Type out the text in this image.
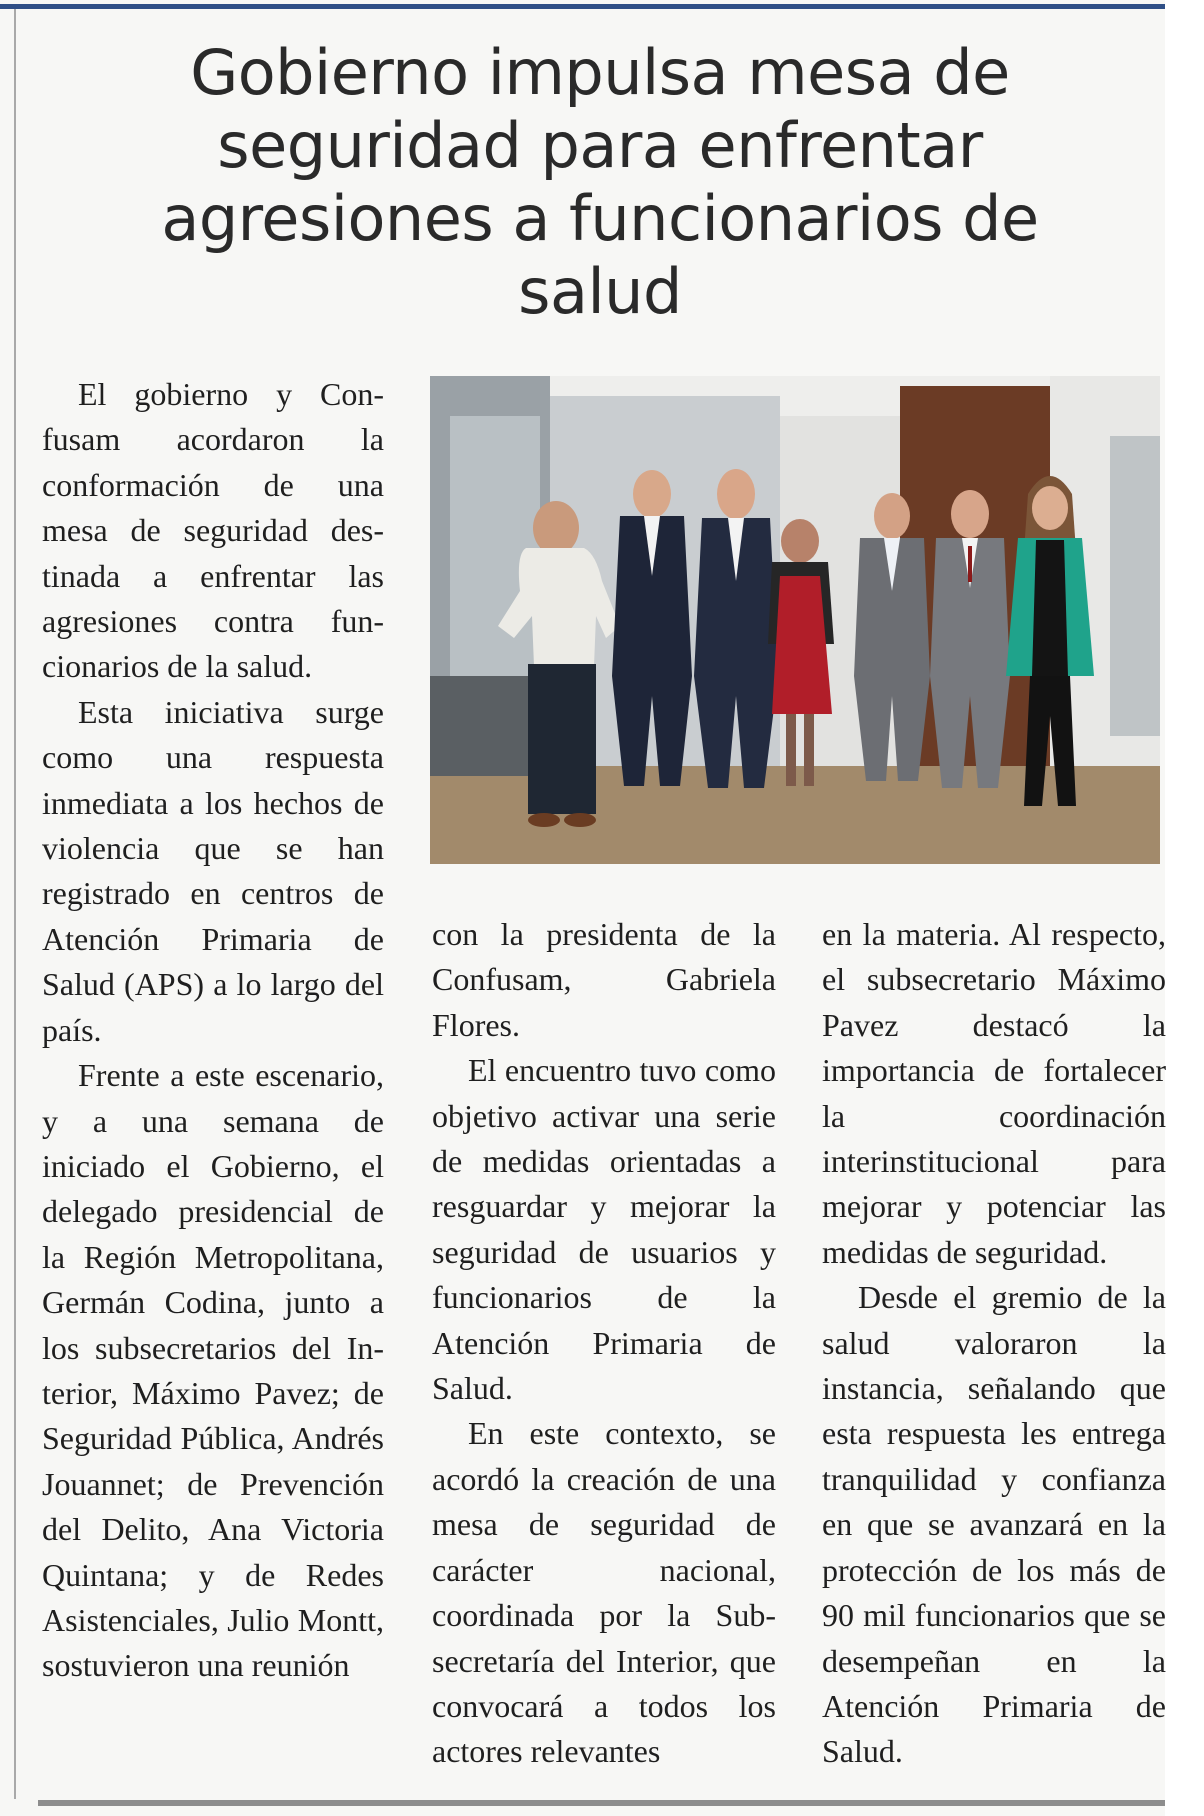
Gobierno impulsa mesa de seguridad para enfrentar agresiones a funcionarios de salud

El gobierno y Confusam acordaron la conformación de una mesa de seguridad destinada a enfrentar las agresiones contra funcionarios de la salud.

Esta iniciativa surge como una respuesta inmediata a los hechos de violencia que se han registrado en centros de Atención Primaria de Salud (APS) a lo largo del país.

Frente a este escenario, y a una semana de iniciado el Gobierno, el delegado presidencial de la Región Metropolitana, Germán Codina, junto a los subsecretarios del Interior, Máximo Pavez; de Seguridad Pública, Andrés Jouannet; de Prevención del Delito, Ana Victoria Quintana; y de Redes Asistenciales, Julio Montt, sostuvieron una reunión

con la presidenta de la Confusam, Gabriela Flores.

El encuentro tuvo como objetivo activar una serie de medidas orientadas a resguardar y mejorar la seguridad de usuarios y funcionarios de la Atención Primaria de Salud.

En este contexto, se acordó la creación de una mesa de seguridad de carácter nacional, coordinada por la Subsecretaría del Interior, que convocará a todos los actores relevantes

en la materia. Al respecto, el subsecretario Máximo Pavez destacó la importancia de fortalecer la coordinación interinstitucional para mejorar y potenciar las medidas de seguridad.

Desde el gremio de la salud valoraron la instancia, señalando que esta respuesta les entrega tranquilidad y confianza en que se avanzará en la protección de los más de 90 mil funcionarios que se desempeñan en la Atención Primaria de Salud.
